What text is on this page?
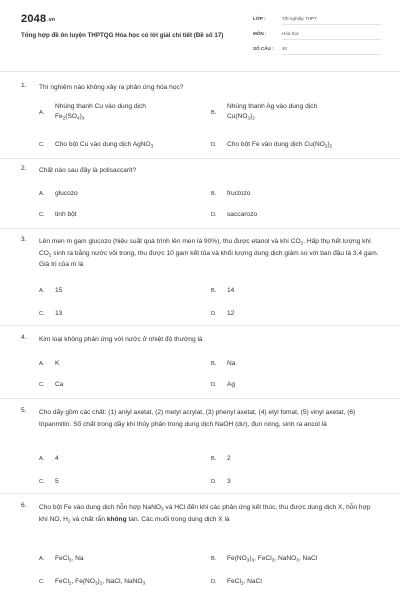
2048.vn
Tổng hợp đề ôn luyện THPTQG Hóa học có lời giải chi tiết (Đề số 17)
LỚP :	Tốt nghiệp THPT
MÔN :	Hóa học
SỐ CÂU : 40
1. Thí nghiệm nào không xảy ra phản ứng hóa học?
A.
Nhúng thanh Cu vào dung dịch
$Fe_2(SO_4)_3$
B.
Nhúng thanh Ag vào dung dịch
$Cu(NO_3)_2$
C. Cho bột Cu vào dung dịch AgNO$_3$	D. Cho bột Fe vào dung dịch $Cu(NO_3)_2$
2. Chất nào sau đây là polisaccarit?
A. glucozo	B. fructozo
C. tinh bột	D. saccarozo
3. Lên men m gam glucozo (hiệu suất quá trình lên men là 90%), thu được etanol và khí $CO_2$. Hấp thụ hết lượng khí $CO_2$ sinh ra bằng nước vôi trong, thu được 10 gam kết tủa và khối lượng dung dịch giảm so với ban đầu là 3,4 gam. Giá trị của m là
A. 15	B. 14
C. 13	D. 12
4. Kim loại không phản ứng với nước ở nhiệt độ thường là
A. K	B. Na
C. Ca	D. Ag
5. Cho dãy gồm các chất: (1) anlyl axetat, (2) metyl acrylat, (3) phenyl axetat, (4) etyl fomat, (5) vinyl axetat, (6) tripanmitin. Số chất trong dãy khi thủy phân trong dung dịch NaOH (dư), đun nóng, sinh ra ancol là
A. 4	B. 2
C. 5	D. 3
6. Cho bột Fe vào dung dịch hỗn hợp NaNO$_3$ và HCl đến khi các phản ứng kết thúc, thu được dung dịch X, hỗn hợp khí NO, $H_2$ và chất rắn không tan. Các muối trong dung dịch X là
A. FeCl$_3$, Na	B. $Fe(NO_3)_3$, FeCl$_3$, NaNO$_3$, NaCl
C. FeCl$_2$, $Fe(NO_3)_2$, NaCl, NaNO$_3$	D. FeCl$_2$, NaCl
